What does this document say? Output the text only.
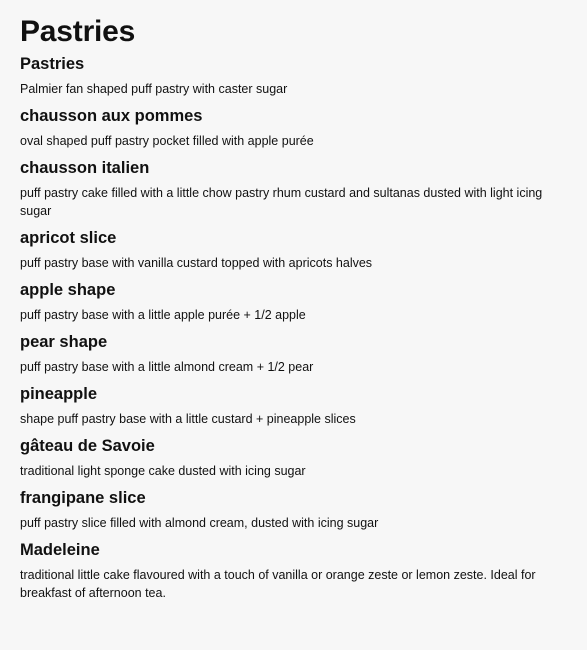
Pastries
Pastries

Palmier fan shaped puff pastry with caster sugar

chausson aux pommes

oval shaped puff pastry pocket filled with apple purée

chausson italien

puff pastry cake filled with a little chow pastry rhum custard and sultanas dusted with light icing sugar

apricot slice

puff pastry base with vanilla custard topped with apricots halves

apple shape

puff pastry base with a little apple purée + 1/2 apple

pear shape

puff pastry base with a little almond cream + 1/2 pear

pineapple

shape puff pastry base with a little custard + pineapple slices

gâteau de Savoie

traditional light sponge cake dusted with icing sugar

frangipane slice

puff pastry slice filled with almond cream, dusted with icing sugar

Madeleine

traditional little cake flavoured with a touch of vanilla or orange zeste or lemon zeste. Ideal for breakfast of afternoon tea.
